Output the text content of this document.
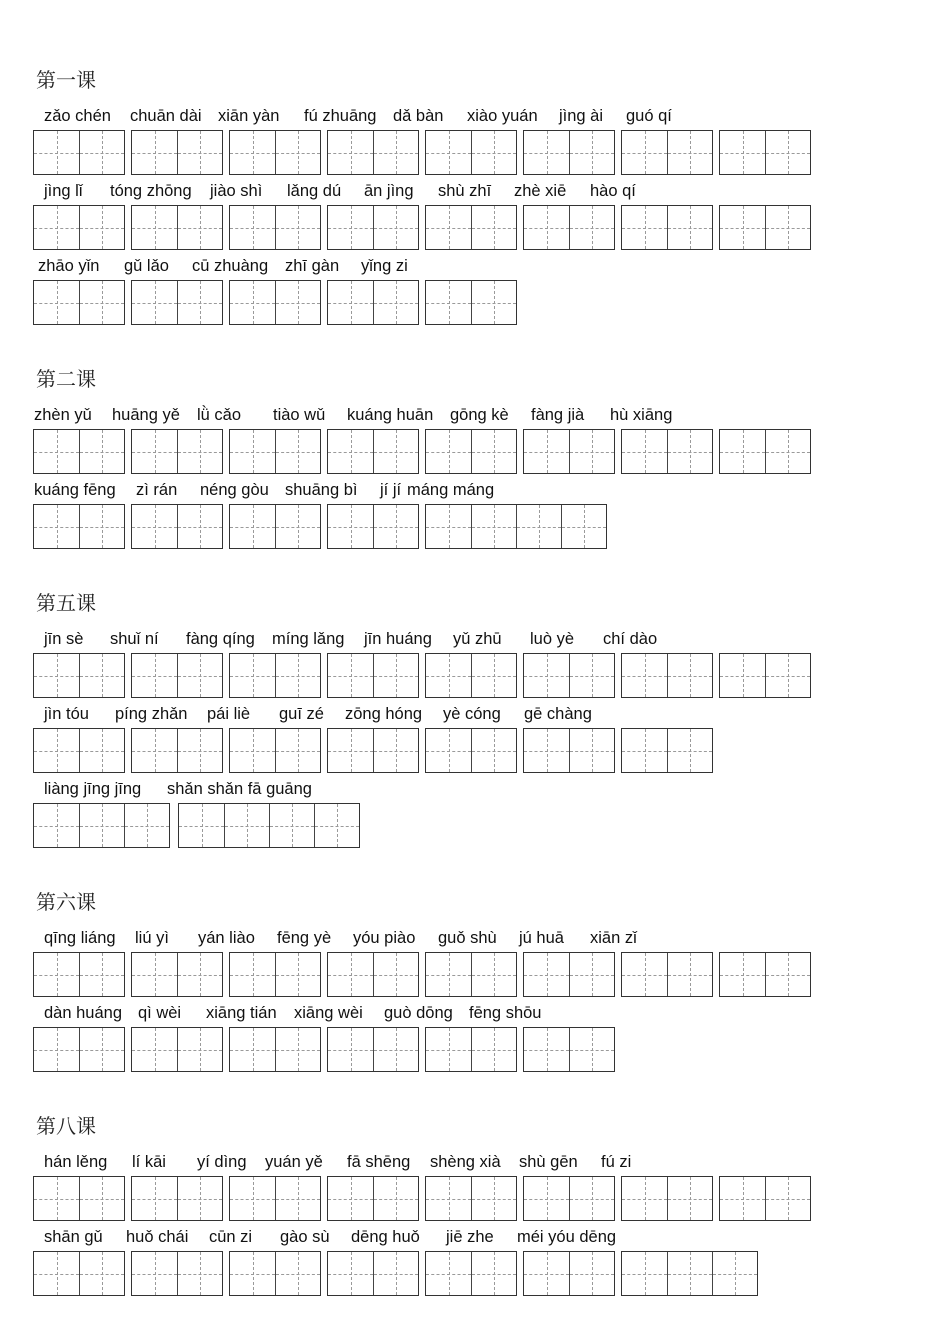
第一课
zǎo chén chuān dài xiān yàn fú zhuāng dǎ bàn xiào yuán jìng ài guó qí
jìng lǐ tóng zhōng jiào shì lǎng dú ān jìng shù zhī zhè xiē hào qí
zhāo yǐn gǔ lǎo cū zhuàng zhī gàn yǐng zi
第二课
zhèn yǔ huāng yě lǜ cǎo tiào wǔ kuáng huān gōng kè fàng jià hù xiāng
kuáng fēng zì rán néng gòu shuāng bì jí jí máng máng
第五课
jīn sè shuǐ ní fàng qíng míng lǎng jīn huáng yǔ zhū luò yè chí dào
jìn tóu píng zhǎn pái liè guī zé zōng hóng yè cóng gē chàng
liàng jīng jīng shǎn shǎn fā guāng
第六课
qīng liáng liú yì yán liào fēng yè yóu piào guǒ shù jú huā xiān zǐ
dàn huáng qì wèi xiāng tián xiāng wèi guò dōng fēng shōu
第八课
hán lěng lí kāi yí dìng yuán yě fā shēng shèng xià shù gēn fú zi
shān gǔ huǒ chái cūn zi gào sù dēng huǒ jiē zhe méi yóu dēng
